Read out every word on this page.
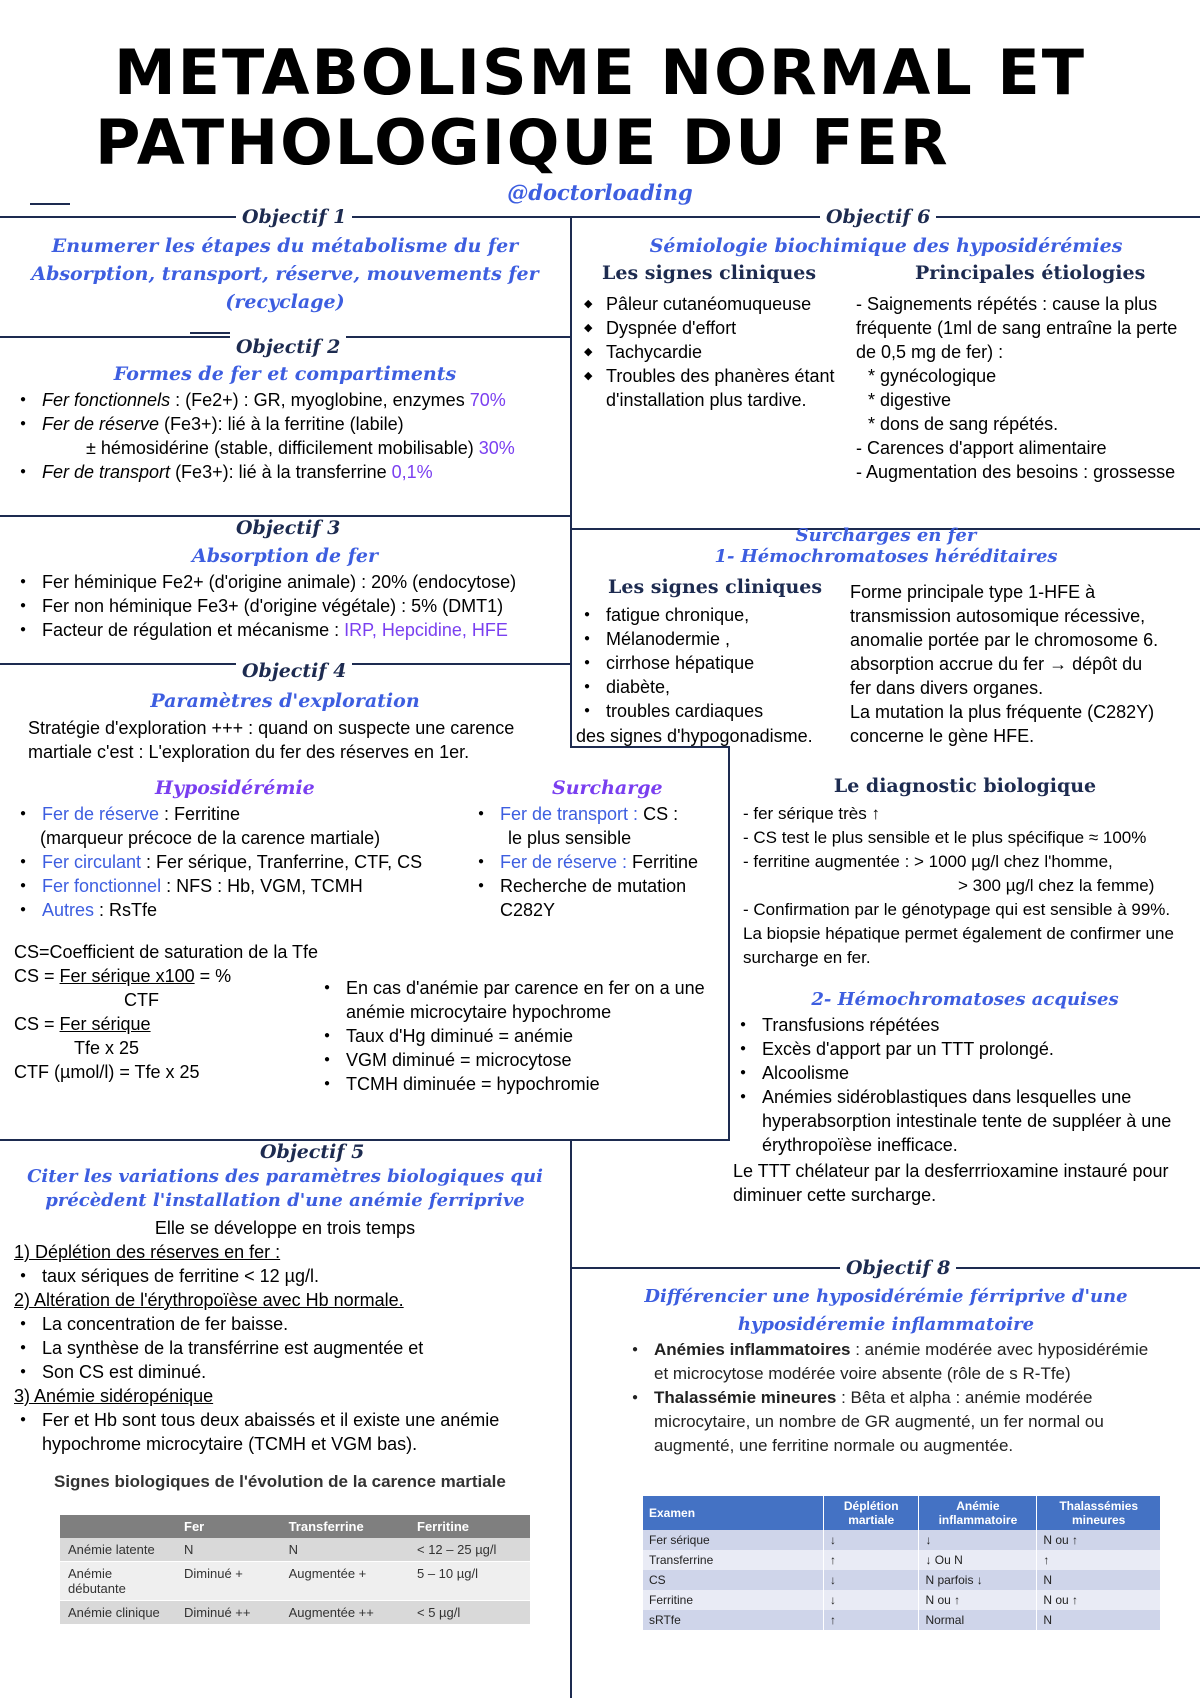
METABOLISME NORMAL ET
PATHOLOGIQUE DU FER
@doctorloading
Objectif 1
Enumerer les étapes du métabolisme du fer
Absorption, transport, réserve, mouvements fer
(recyclage)
Objectif 2
Formes de fer et compartiments
● Fer fonctionnels : (Fe2+) : GR, myoglobine, enzymes 70%
● Fer de réserve (Fe3+): lié à la ferritine (labile)
± hémosidérine (stable, difficilement mobilisable) 30%
● Fer de transport (Fe3+): lié à la transferrine 0,1%
Objectif 3
Absorption de fer
● Fer héminique Fe2+ (d'origine animale) : 20% (endocytose)
● Fer non héminique Fe3+ (d'origine végétale) : 5% (DMT1)
● Facteur de régulation et mécanisme : IRP, Hepcidine, HFE
Objectif 4
Paramètres d'exploration
Stratégie d'exploration +++ : quand on suspecte une carence
martiale c'est : L'exploration du fer des réserves en 1er.
Hyposidérémie
● Fer de réserve : Ferritine
(marqueur précoce de la carence martiale)
● Fer circulant : Fer sérique, Tranferrine, CTF, CS
● Fer fonctionnel : NFS : Hb, VGM, TCMH
● Autres : RsTfe
Surcharge
● Fer de transport : CS :
le plus sensible
● Fer de réserve : Ferritine
● Recherche de mutation
C282Y
CS=Coefficient de saturation de la Tfe
CS = Fer sérique x100 = %
CTF
CS = Fer sérique
Tfe x 25
CTF (µmol/l) = Tfe x 25
● En cas d'anémie par carence en fer on a une anémie microcytaire hypochrome
● Taux d'Hg diminué = anémie
● VGM diminué = microcytose
● TCMH diminuée = hypochromie
Objectif 5
Citer les variations des paramètres biologiques qui
précèdent l'installation d'une anémie ferriprive
Elle se développe en trois temps
1) Déplétion des réserves en fer :
● taux sériques de ferritine < 12 µg/l.
2) Altération de l'érythropoïèse avec Hb normale.
● La concentration de fer baisse.
● La synthèse de la transférrine est augmentée et
● Son CS est diminué.
3) Anémie sidéropénique
● Fer et Hb sont tous deux abaissés et il existe une anémie hypochrome microcytaire (TCMH et VGM bas).
Signes biologiques de l'évolution de la carence martiale
	Fer	Transferrine	Ferritine
Anémie latente	N	N	< 12 – 25 µg/l
Anémie débutante	Diminué +	Augmentée +	5 – 10 µg/l
Anémie clinique	Diminué ++	Augmentée ++	< 5 µg/l
Objectif 6
Sémiologie biochimique des hyposidérémies
Les signes cliniques
◆ Pâleur cutanéomuqueuse
◆ Dyspnée d'effort
◆ Tachycardie
◆ Troubles des phanères étant d'installation plus tardive.
Principales étiologies
- Saignements répétés : cause la plus fréquente (1ml de sang entraîne la perte de 0,5 mg de fer) :
* gynécologique
* digestive
* dons de sang répétés.
- Carences d'apport alimentaire
- Augmentation des besoins : grossesse
Surcharges en fer
1- Hémochromatoses héréditaires
Les signes cliniques
● fatigue chronique,
● Mélanodermie ,
● cirrhose hépatique
● diabète,
● troubles cardiaques
des signes d'hypogonadisme.
Forme principale type 1-HFE à
transmission autosomique récessive,
anomalie portée par le chromosome 6.
absorption accrue du fer → dépôt du
fer dans divers organes.
La mutation la plus fréquente (C282Y)
concerne le gène HFE.
Le diagnostic biologique
- fer sérique très ↑
- CS test le plus sensible et le plus spécifique ≈ 100%
- ferritine augmentée : > 1000 µg/l chez l'homme,
> 300 µg/l chez la femme)
- Confirmation par le génotypage qui est sensible à 99%.
La biopsie hépatique permet également de confirmer une surcharge en fer.
2- Hémochromatoses acquises
● Transfusions répétées
● Excès d'apport par un TTT prolongé.
● Alcoolisme
● Anémies sidéroblastiques dans lesquelles une hyperabsorption intestinale tente de suppléer à une érythropoïèse inefficace.
Le TTT chélateur par la desferrrioxamine instauré pour diminuer cette surcharge.
Objectif 8
Différencier une hyposidérémie férriprive d'une
hyposidéremie inflammatoire
● Anémies inflammatoires : anémie modérée avec hyposidérémie et microcytose modérée voire absente (rôle de s R-Tfe)
● Thalassémie mineures : Bêta et alpha : anémie modérée microcytaire, un nombre de GR augmenté, un fer normal ou augmenté, une ferritine normale ou augmentée.
Examen	Déplétion martiale	Anémie inflammatoire	Thalassémies mineures
Fer sérique	↓	↓	N ou ↑
Transferrine	↑	↓ Ou N	↑
CS	↓	N parfois ↓	N
Ferritine	↓	N ou ↑	N ou ↑
sRTfe	↑	Normal	N
